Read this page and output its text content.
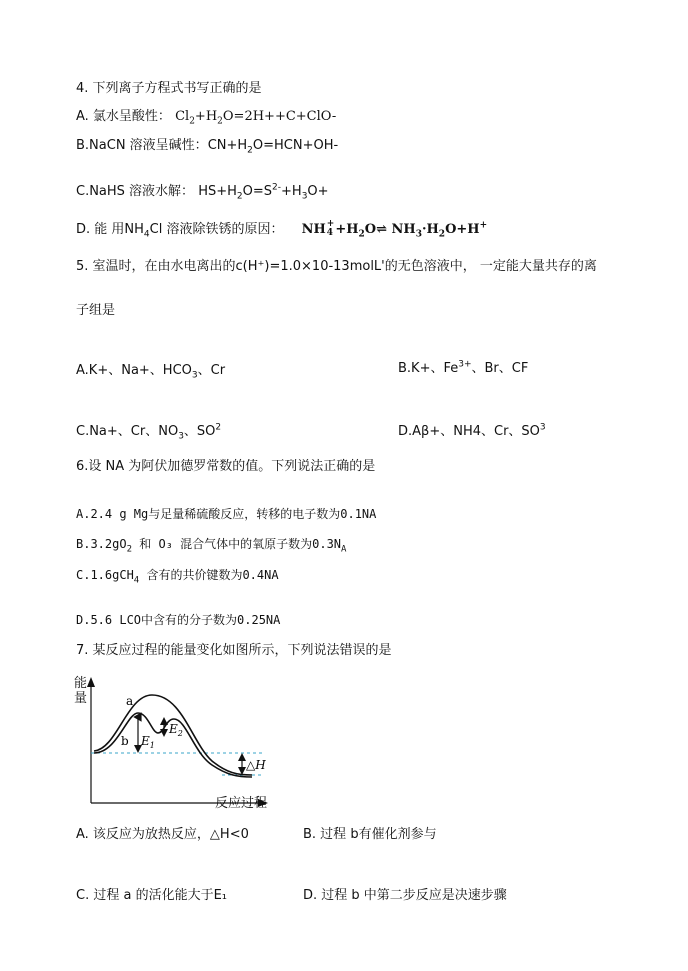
4. 下列离子方程式书写正确的是
A. 氯水呈酸性： $Cl_2+H_2O=2H++C+ClO-$
B.NaCN 溶液呈碱性：$CN+H_2O=HCN+OH-$
C.NaHS 溶液水解： $HS+H_2O=S^{2-}+H_3O+$
D. 能 用$NH_4Cl$ 溶液除铁锈的原因： NH +
$4 +H_2O\rightleftharpoons$ $NH_3\cdot H_2O+H^+$
5. 室温时，在由水电离出的c(H⁺)=1.0×10-13molL'的无色溶液中， 一定能大量共存的离
子组是
A.K+、Na+、$HCO_3$、Cr	B.K+、$Fe^{3+}$、Br、CF
C.Na+、Cr、$NO_3$、$SO^2$	D.Aβ+、NH4、Cr、$SO^3$
6.设 NA 为阿伏加德罗常数的值。下列说法正确的是
A.2.4 g Mg与足量稀硫酸反应，转移的电子数为0.1NA
$B.3.2gO_2$ 和 O₃ 混合气体中的氧原子数为$0.3N_A$
C.1.6gCH$_4$ 含有的共价键数为0.4NA
D.5.6 LCO中含有的分子数为0.25NA
7. 某反应过程的能量变化如图所示，下列说法错误的是
a
b $E_1$
$E_2$
△H
能
量
反应过程
A. 该反应为放热反应，△H<0	B. 过程 b有催化剂参与
C. 过程 a 的活化能大于E₁	D. 过程 b 中第二步反应是决速步骤
